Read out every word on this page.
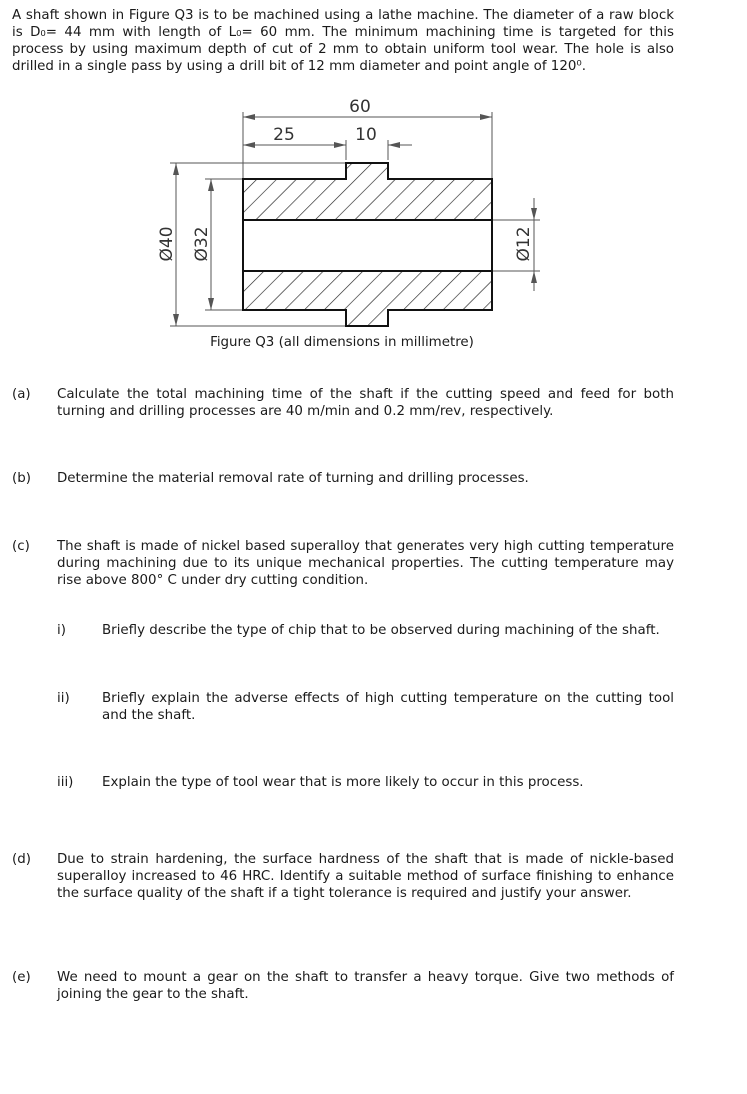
A shaft shown in Figure Q3 is to be machined using a lathe machine. The diameter of a raw block is D₀= 44 mm with length of L₀= 60 mm. The minimum machining time is targeted for this process by using maximum depth of cut of 2 mm to obtain uniform tool wear. The hole is also drilled in a single pass by using a drill bit of 12 mm diameter and point angle of 120⁰.
60
25	10
Ø40 Ø32	Ø12
Figure Q3 (all dimensions in millimetre)
(a) Calculate the total machining time of the shaft if the cutting speed and feed for both turning and drilling processes are 40 m/min and 0.2 mm/rev, respectively.
(b) Determine the material removal rate of turning and drilling processes.
(c) The shaft is made of nickel based superalloy that generates very high cutting temperature during machining due to its unique mechanical properties. The cutting temperature may rise above 800° C under dry cutting condition.
i)	Briefly describe the type of chip that to be observed during machining of the shaft.
ii) Briefly explain the adverse effects of high cutting temperature on the cutting tool and the shaft.
iii) Explain the type of tool wear that is more likely to occur in this process.
(d) Due to strain hardening, the surface hardness of the shaft that is made of nickle-based superalloy increased to 46 HRC. Identify a suitable method of surface finishing to enhance the surface quality of the shaft if a tight tolerance is required and justify your answer.
(e) We need to mount a gear on the shaft to transfer a heavy torque. Give two methods of joining the gear to the shaft.
